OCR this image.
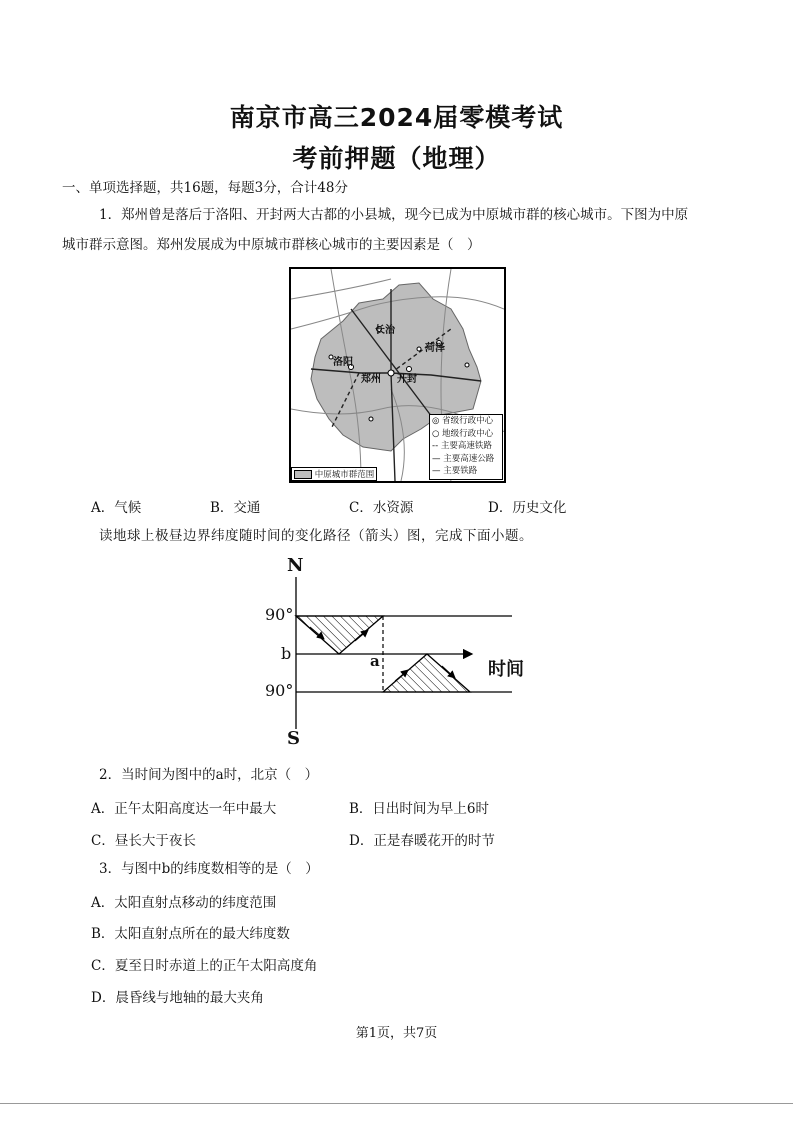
南京市高三2024届零模考试
考前押题（地理）
一、单项选择题，共16题，每题3分，合计48分
1．郑州曾是落后于洛阳、开封两大古都的小县城，现今已成为中原城市群的核心城市。下图为中原
城市群示意图。郑州发展成为中原城市群核心城市的主要因素是（　）
长治
菏泽
洛阳
郑州 开封
◎ 省级行政中心
○ 地级行政中心
-- 主要高速铁路
— 主要高速公路
— 主要铁路
中原城市群范围
A．气候	B．交通	C．水资源	D．历史文化
读地球上极昼边界纬度随时间的变化路径（箭头）图，完成下面小题。
N
S
90°
b
90°
a	时间
2．当时间为图中的a时，北京（　）
A．正午太阳高度达一年中最大	B．日出时间为早上6时
C．昼长大于夜长	D．正是春暖花开的时节
3．与图中b的纬度数相等的是（　）
A．太阳直射点移动的纬度范围
B．太阳直射点所在的最大纬度数
C．夏至日时赤道上的正午太阳高度角
D．晨昏线与地轴的最大夹角
第1页，共7页
